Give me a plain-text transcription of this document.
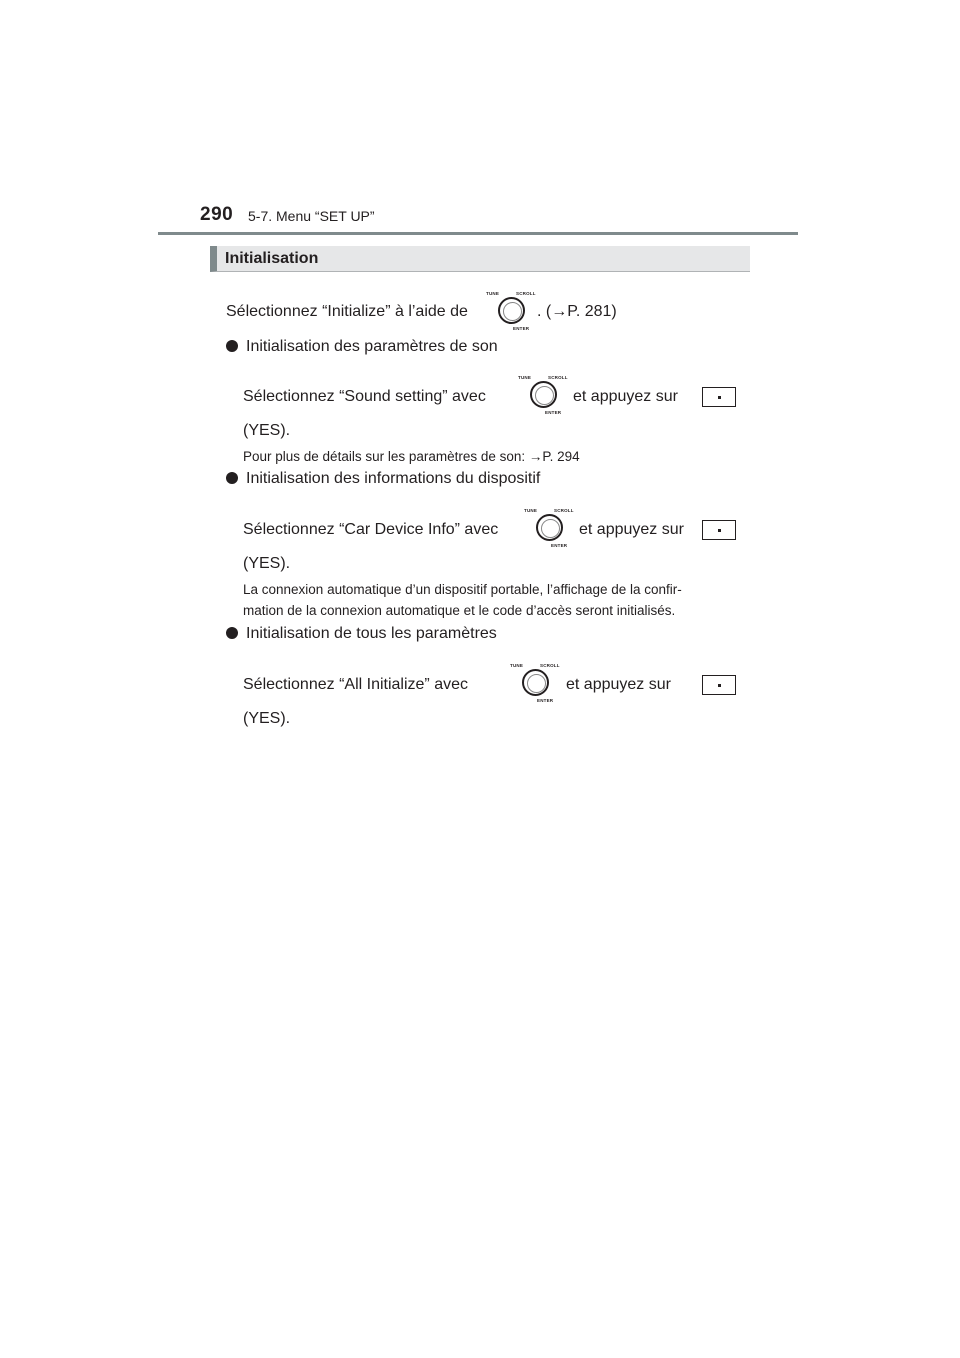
290 5-7. Menu “SET UP”
Initialisation
Sélectionnez “Initialize” à l’aide de
TUNE	SCROLL
ENTER
. (→P. 281)
Initialisation des paramètres de son
Sélectionnez “Sound setting” avec
TUNE	SCROLL
ENTER
et appuyez sur
(YES).
Pour plus de détails sur les paramètres de son: →P. 294
Initialisation des informations du dispositif
Sélectionnez “Car Device Info” avec
TUNE	SCROLL
ENTER
et appuyez sur
(YES).
La connexion automatique d’un dispositif portable, l’affichage de la confir-
mation de la connexion automatique et le code d’accès seront initialisés.
Initialisation de tous les paramètres
Sélectionnez “All Initialize” avec
TUNE	SCROLL
ENTER
et appuyez sur
(YES).
